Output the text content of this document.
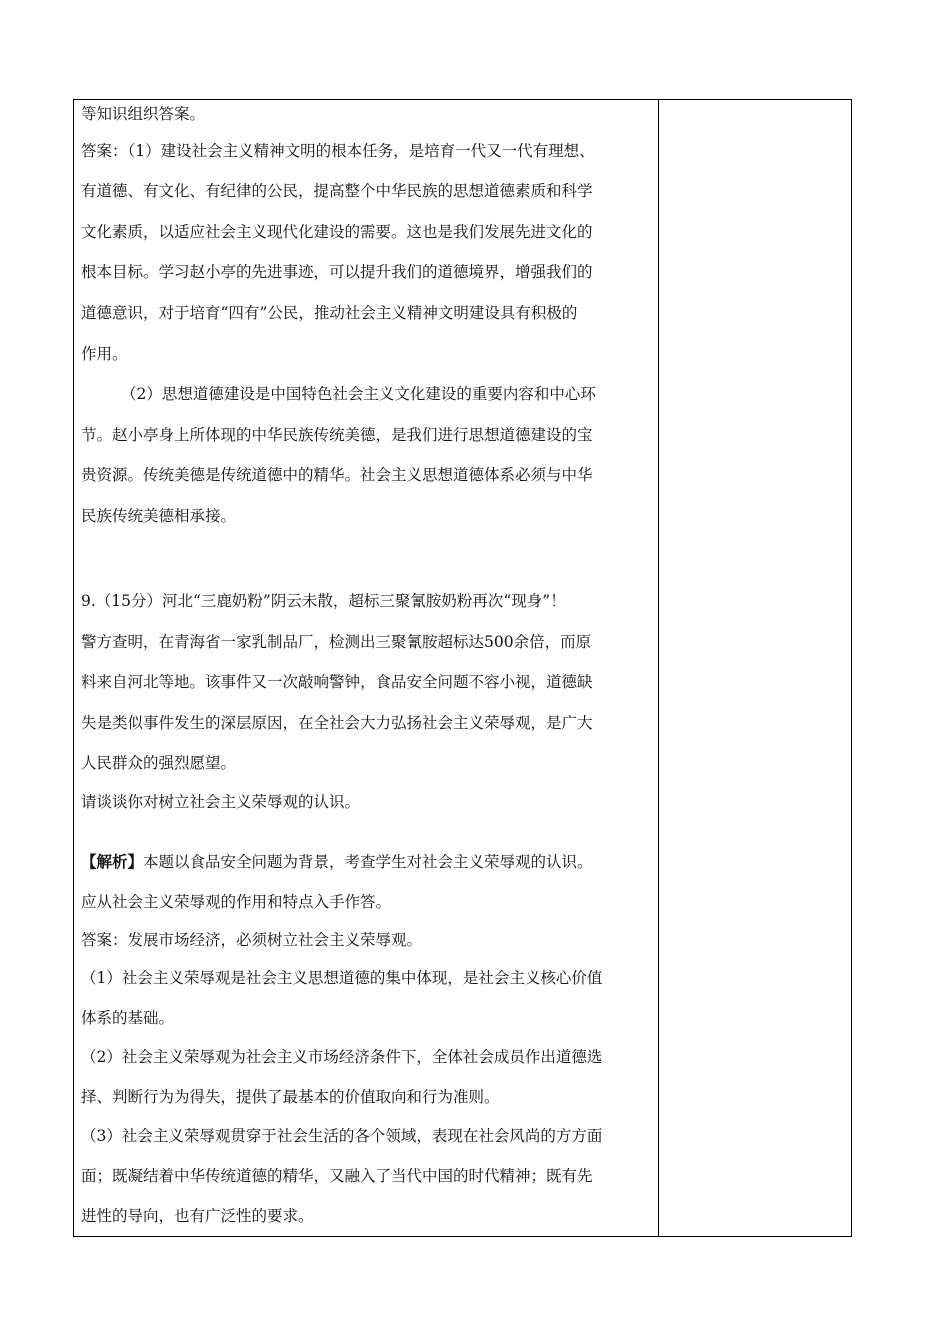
等知识组织答案。
答案：（1）建设社会主义精神文明的根本任务，是培育一代又一代有理想、
有道德、有文化、有纪律的公民，提高整个中华民族的思想道德素质和科学
文化素质，以适应社会主义现代化建设的需要。这也是我们发展先进文化的
根本目标。学习赵小亭的先进事迹，可以提升我们的道德境界，增强我们的
道德意识，对于培育“四有”公民，推动社会主义精神文明建设具有积极的
作用。
（2）思想道德建设是中国特色社会主义文化建设的重要内容和中心环
节。赵小亭身上所体现的中华民族传统美德，是我们进行思想道德建设的宝
贵资源。传统美德是传统道德中的精华。社会主义思想道德体系必须与中华
民族传统美德相承接。
9.（15分）河北“三鹿奶粉”阴云未散，超标三聚氰胺奶粉再次“现身”！
警方查明，在青海省一家乳制品厂，检测出三聚氰胺超标达500余倍，而原
料来自河北等地。该事件又一次敲响警钟，食品安全问题不容小视，道德缺
失是类似事件发生的深层原因，在全社会大力弘扬社会主义荣辱观，是广大
人民群众的强烈愿望。
请谈谈你对树立社会主义荣辱观的认识。
【解析】本题以食品安全问题为背景，考查学生对社会主义荣辱观的认识。
应从社会主义荣辱观的作用和特点入手作答。
答案：发展市场经济，必须树立社会主义荣辱观。
（1）社会主义荣辱观是社会主义思想道德的集中体现，是社会主义核心价值
体系的基础。
（2）社会主义荣辱观为社会主义市场经济条件下，全体社会成员作出道德选
择、判断行为为得失，提供了最基本的价值取向和行为准则。
（3）社会主义荣辱观贯穿于社会生活的各个领域，表现在社会风尚的方方面
面；既凝结着中华传统道德的精华，又融入了当代中国的时代精神；既有先
进性的导向，也有广泛性的要求。
